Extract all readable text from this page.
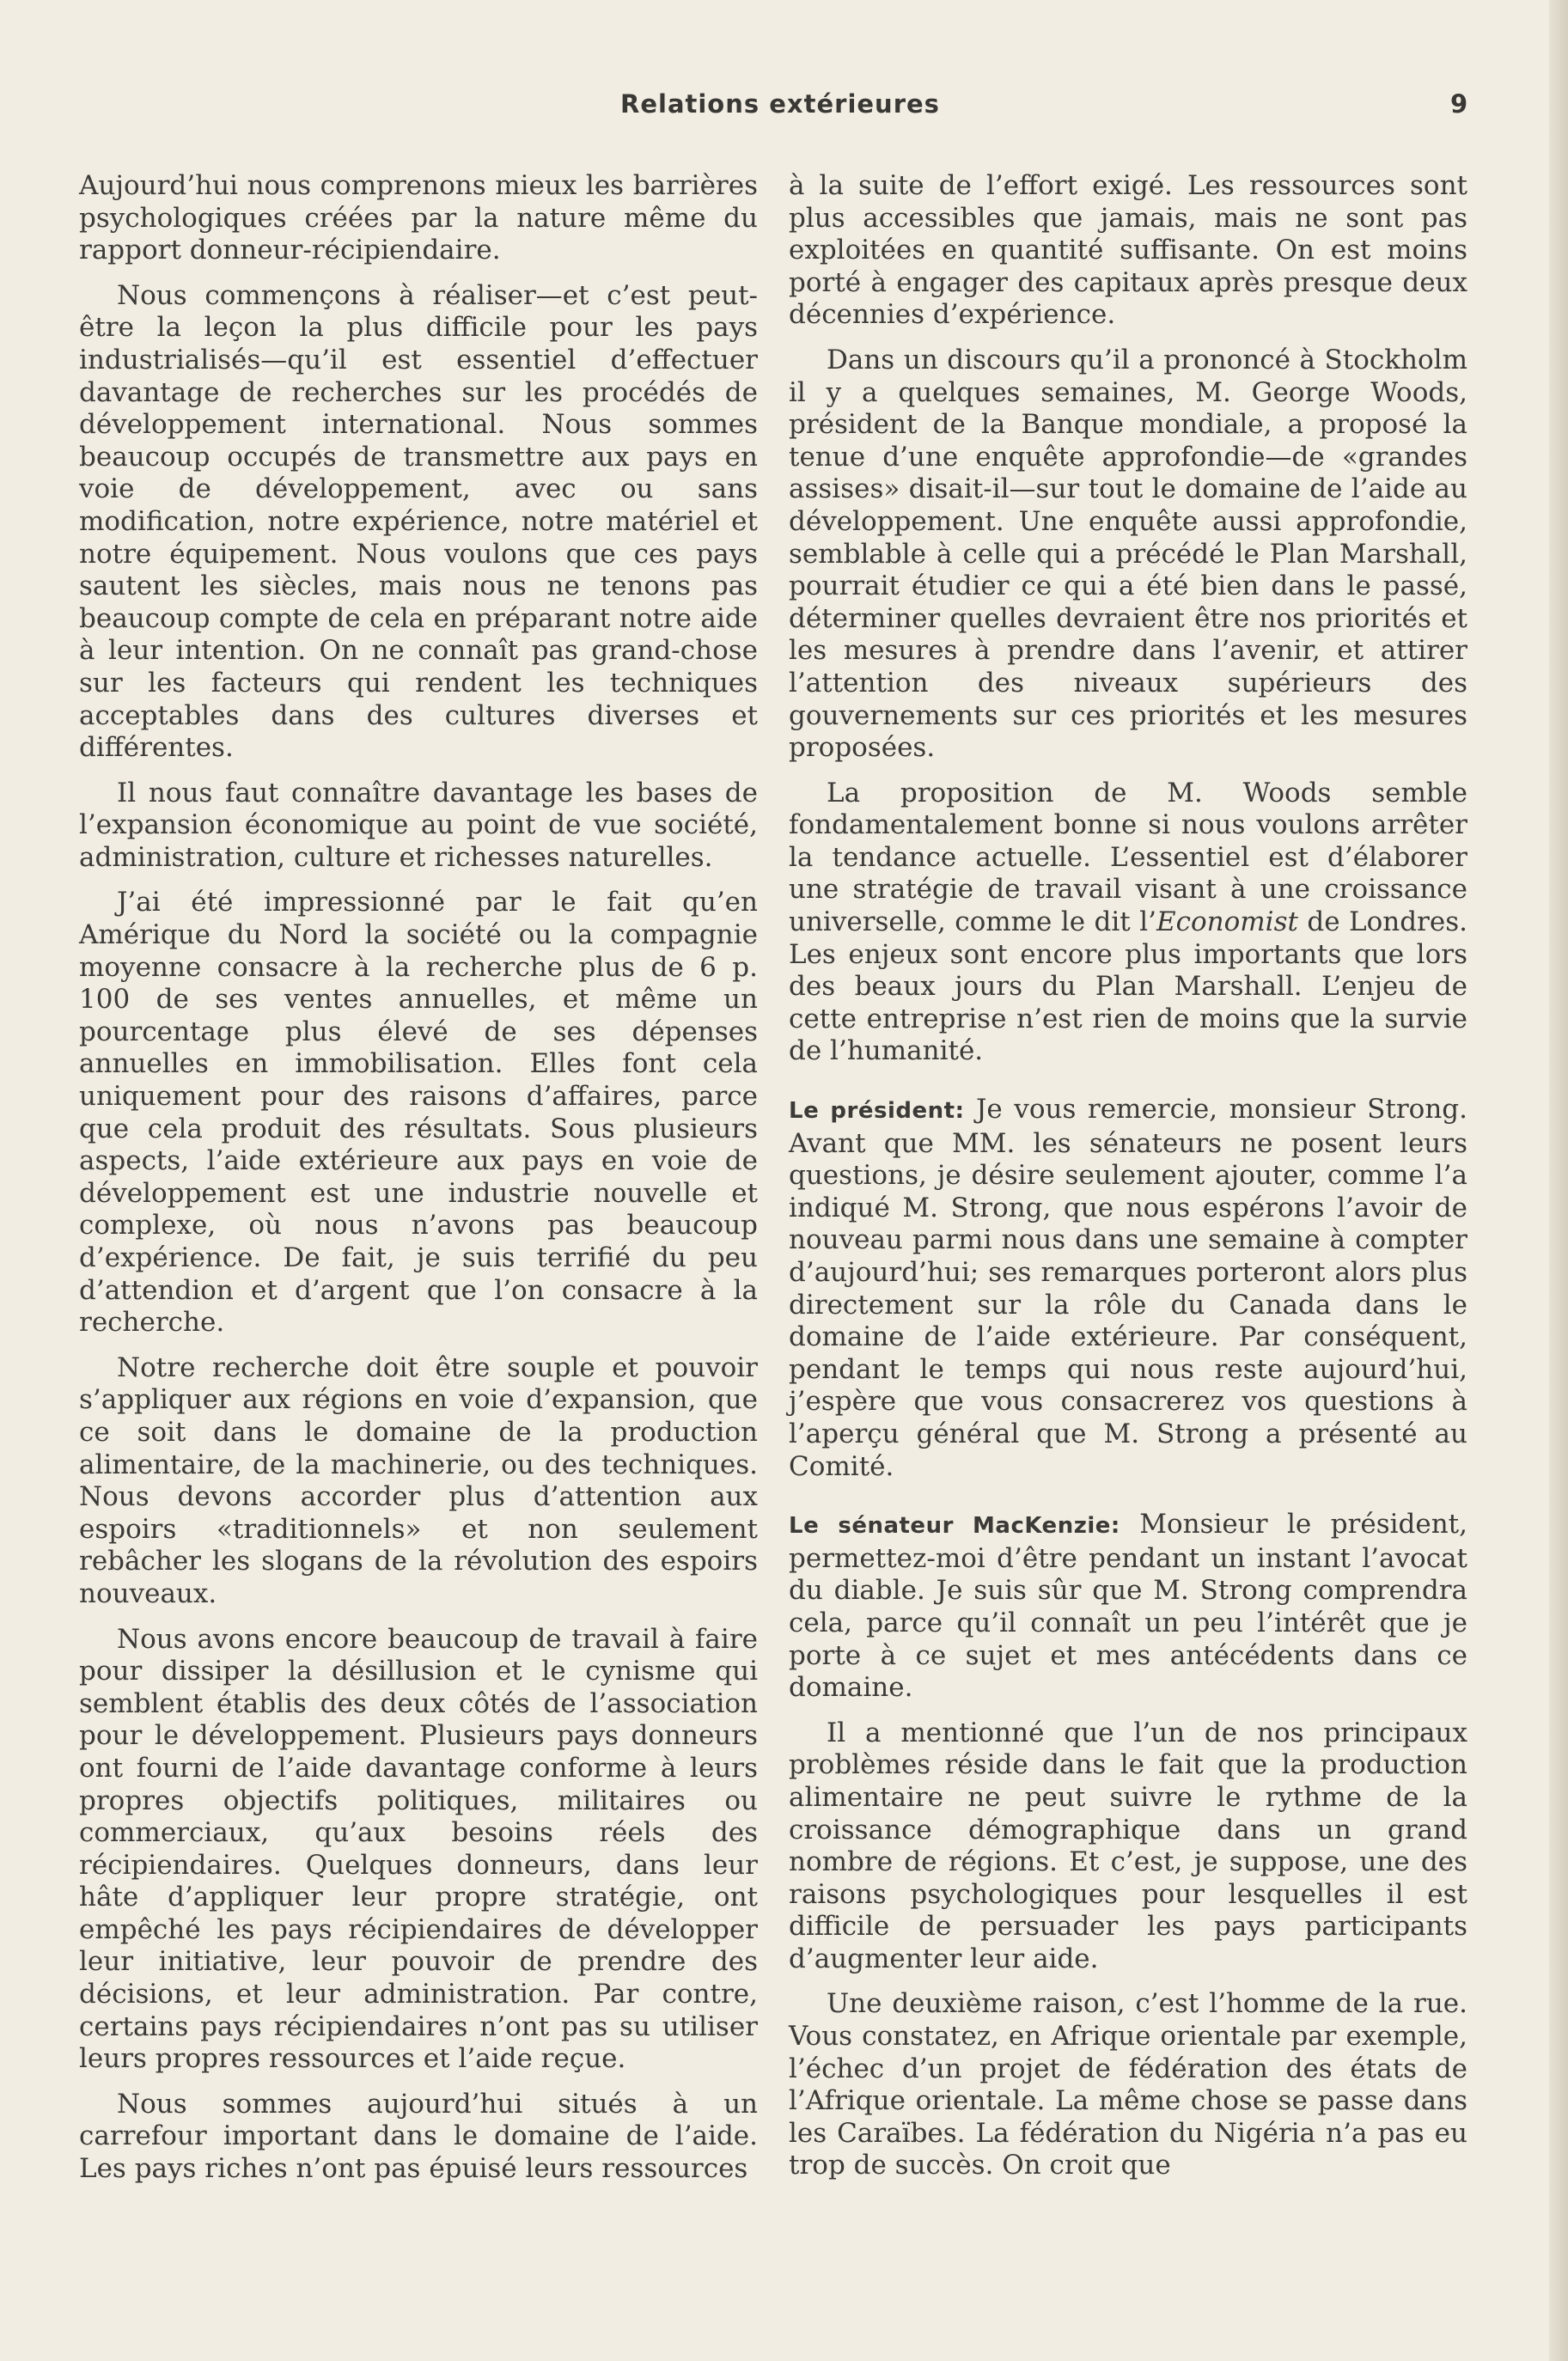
Relations extérieures	9

Aujourd’hui nous comprenons mieux les barrières psychologiques créées par la nature même du rapport donneur-récipiendaire.

Nous commençons à réaliser—et c’est peut-être la leçon la plus difficile pour les pays industrialisés—qu’il est essentiel d’effectuer davantage de recherches sur les procédés de développement international. Nous sommes beaucoup occupés de transmettre aux pays en voie de développement, avec ou sans modification, notre expérience, notre matériel et notre équipement. Nous voulons que ces pays sautent les siècles, mais nous ne tenons pas beaucoup compte de cela en préparant notre aide à leur intention. On ne connaît pas grand-chose sur les facteurs qui rendent les techniques acceptables dans des cultures diverses et différentes.

Il nous faut connaître davantage les bases de l’expansion économique au point de vue société, administration, culture et richesses naturelles.

J’ai été impressionné par le fait qu’en Amérique du Nord la société ou la compagnie moyenne consacre à la recherche plus de 6 p. 100 de ses ventes annuelles, et même un pourcentage plus élevé de ses dépenses annuelles en immobilisation. Elles font cela uniquement pour des raisons d’affaires, parce que cela produit des résultats. Sous plusieurs aspects, l’aide extérieure aux pays en voie de développement est une industrie nouvelle et complexe, où nous n’avons pas beaucoup d’expérience. De fait, je suis terrifié du peu d’attendion et d’argent que l’on consacre à la recherche.

Notre recherche doit être souple et pouvoir s’appliquer aux régions en voie d’expansion, que ce soit dans le domaine de la production alimentaire, de la machinerie, ou des techniques. Nous devons accorder plus d’attention aux espoirs «traditionnels» et non seulement rebâcher les slogans de la révolution des espoirs nouveaux.

Nous avons encore beaucoup de travail à faire pour dissiper la désillusion et le cynisme qui semblent établis des deux côtés de l’association pour le développement. Plusieurs pays donneurs ont fourni de l’aide davantage conforme à leurs propres objectifs politiques, militaires ou commerciaux, qu’aux besoins réels des récipiendaires. Quelques donneurs, dans leur hâte d’appliquer leur propre stratégie, ont empêché les pays récipiendaires de développer leur initiative, leur pouvoir de prendre des décisions, et leur administration. Par contre, certains pays récipiendaires n’ont pas su utiliser leurs propres ressources et l’aide reçue.

Nous sommes aujourd’hui situés à un carrefour important dans le domaine de l’aide. Les pays riches n’ont pas épuisé leurs ressources

à la suite de l’effort exigé. Les ressources sont plus accessibles que jamais, mais ne sont pas exploitées en quantité suffisante. On est moins porté à engager des capitaux après presque deux décennies d’expérience.

Dans un discours qu’il a prononcé à Stockholm il y a quelques semaines, M. George Woods, président de la Banque mondiale, a proposé la tenue d’une enquête approfondie—de «grandes assises» disait-il—sur tout le domaine de l’aide au développement. Une enquête aussi approfondie, semblable à celle qui a précédé le Plan Marshall, pourrait étudier ce qui a été bien dans le passé, déterminer quelles devraient être nos priorités et les mesures à prendre dans l’avenir, et attirer l’attention des niveaux supérieurs des gouvernements sur ces priorités et les mesures proposées.

La proposition de M. Woods semble fondamentalement bonne si nous voulons arrêter la tendance actuelle. L’essentiel est d’élaborer une stratégie de travail visant à une croissance universelle, comme le dit l’Economist de Londres. Les enjeux sont encore plus importants que lors des beaux jours du Plan Marshall. L’enjeu de cette entreprise n’est rien de moins que la survie de l’humanité.

Le président: Je vous remercie, monsieur Strong. Avant que MM. les sénateurs ne posent leurs questions, je désire seulement ajouter, comme l’a indiqué M. Strong, que nous espérons l’avoir de nouveau parmi nous dans une semaine à compter d’aujourd’hui; ses remarques porteront alors plus directement sur la rôle du Canada dans le domaine de l’aide extérieure. Par conséquent, pendant le temps qui nous reste aujourd’hui, j’espère que vous consacrerez vos questions à l’aperçu général que M. Strong a présenté au Comité.

Le sénateur MacKenzie: Monsieur le président, permettez-moi d’être pendant un instant l’avocat du diable. Je suis sûr que M. Strong comprendra cela, parce qu’il connaît un peu l’intérêt que je porte à ce sujet et mes antécédents dans ce domaine.

Il a mentionné que l’un de nos principaux problèmes réside dans le fait que la production alimentaire ne peut suivre le rythme de la croissance démographique dans un grand nombre de régions. Et c’est, je suppose, une des raisons psychologiques pour lesquelles il est difficile de persuader les pays participants d’augmenter leur aide.

Une deuxième raison, c’est l’homme de la rue. Vous constatez, en Afrique orientale par exemple, l’échec d’un projet de fédération des états de l’Afrique orientale. La même chose se passe dans les Caraïbes. La fédération du Nigéria n’a pas eu trop de succès. On croit que
